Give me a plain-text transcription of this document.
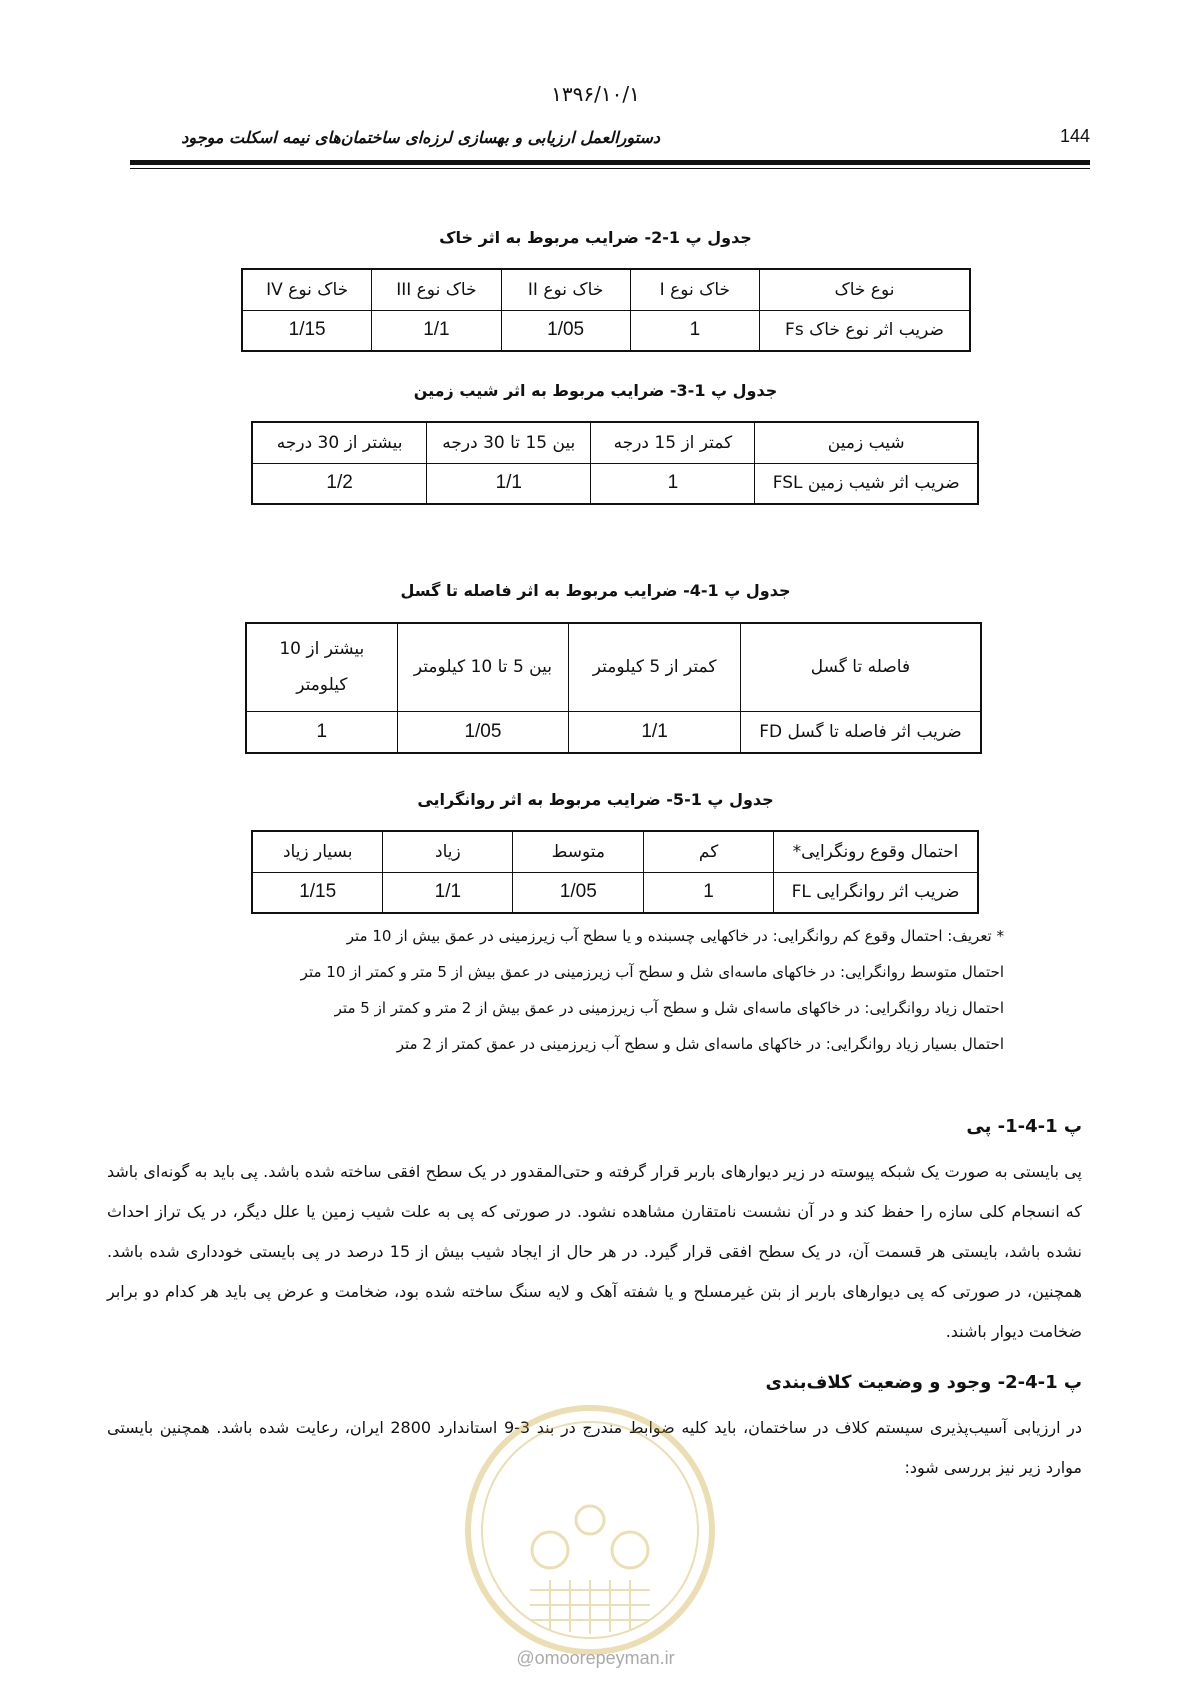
۱۳۹۶/۱۰/۱
دستورالعمل ارزیابی و بهسازی لرزه‌ای ساختمان‌های نیمه اسکلت موجود	144
جدول پ 1-2- ضرایب مربوط به اثر خاک
نوع خاک	خاک نوع I	خاک نوع II	خاک نوع III	خاک نوع IV
ضریب اثر نوع خاک Fs	1	1/05	1/1	1/15
جدول پ 1-3- ضرایب مربوط به اثر شیب زمین
شیب زمین	کمتر از 15 درجه	بین 15 تا 30 درجه	بیشتر از 30 درجه
ضریب اثر شیب زمین FSL	1	1/1	1/2
جدول پ 1-4- ضرایب مربوط به اثر فاصله تا گسل
فاصله تا گسل	کمتر از 5 کیلومتر	بین 5 تا 10 کیلومتر	بیشتر از 10 کیلومتر
ضریب اثر فاصله تا گسل FD	1/1	1/05	1
جدول پ 1-5- ضرایب مربوط به اثر روانگرایی
احتمال وقوع رونگرایی*	کم	متوسط	زیاد	بسیار زیاد
ضریب اثر روانگرایی FL	1	1/05	1/1	1/15
* تعریف: احتمال وقوع کم روانگرایی: در خاکهایی چسبنده و یا سطح آب زیرزمینی در عمق بیش از 10 متر
احتمال متوسط روانگرایی: در خاکهای ماسه‌ای شل و سطح آب زیرزمینی در عمق بیش از 5 متر و کمتر از 10 متر
احتمال زیاد روانگرایی: در خاکهای ماسه‌ای شل و سطح آب زیرزمینی در عمق بیش از 2 متر و کمتر از 5 متر
احتمال بسیار زیاد روانگرایی: در خاکهای ماسه‌ای شل و سطح آب زیرزمینی در عمق کمتر از 2 متر
پ 1-4-1- پی
پی بایستی به صورت یک شبکه پیوسته در زیر دیوارهای باربر قرار گرفته و حتی‌المقدور در یک سطح افقی ساخته شده باشد. پی باید به گونه‌ای باشد که انسجام کلی سازه را حفظ کند و در آن نشست نامتقارن مشاهده نشود. در صورتی که پی به علت شیب زمین یا علل دیگر، در یک تراز احداث نشده باشد، بایستی هر قسمت آن، در یک سطح افقی قرار گیرد. در هر حال از ایجاد شیب بیش از 15 درصد در پی بایستی خودداری شده باشد. همچنین، در صورتی که پی دیوارهای باربر از بتن غیرمسلح و یا شفته آهک و لایه سنگ ساخته شده بود، ضخامت و عرض پی باید هر کدام دو برابر ضخامت دیوار باشند.
پ 1-4-2- وجود و وضعیت کلاف‌بندی
در ارزیابی آسیب‌پذیری سیستم کلاف در ساختمان، باید کلیه ضوابط مندرج در بند 3-9 استاندارد 2800 ایران، رعایت شده باشد. همچنین بایستی موارد زیر نیز بررسی شود:
@omoorepeyman.ir
